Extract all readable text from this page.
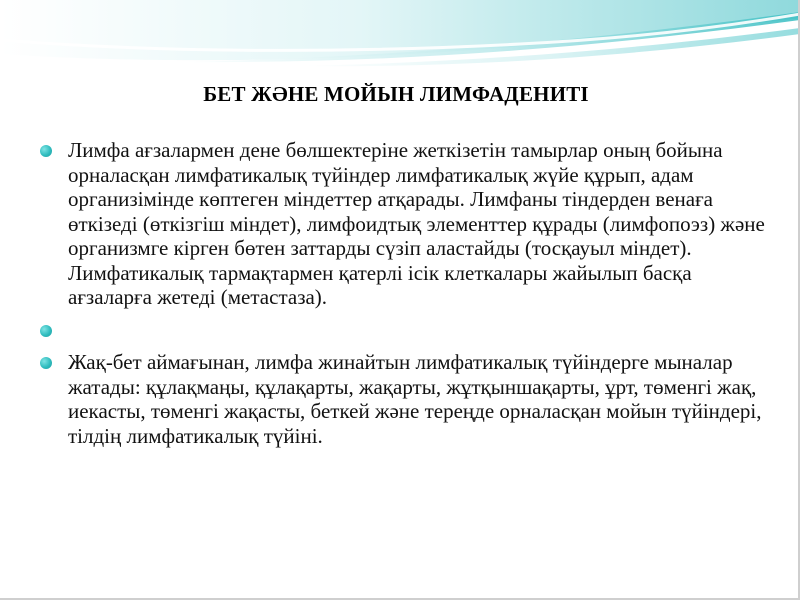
БЕТ ЖӘНЕ МОЙЫН ЛИМФАДЕНИТІ
Лимфа ағзалармен дене бөлшектеріне жеткізетін тамырлар оның бойына орналасқан лимфатикалық түйіндер лимфатикалық жүйе құрып, адам организімінде көптеген міндеттер атқарады. Лимфаны тіндерден венаға өткізеді (өткізгіш міндет), лимфоидтық элементтер құрады (лимфопоэз) және организмге кірген бөтен заттарды сүзіп аластайды (тосқауыл міндет). Лимфатикалық тармақтармен қатерлі ісік клеткалары жайылып басқа ағзаларға жетеді (метастаза).
Жақ-бет аймағынан, лимфа жинайтын лимфатикалық түйіндерге мыналар жатады: құлақмаңы, құлақарты, жақарты, жұтқыншақарты, ұрт, төменгі жақ, иекасты, төменгі жақасты, беткей және тереңде орналасқан мойын түйіндері, тілдің лимфатикалық түйіні.
